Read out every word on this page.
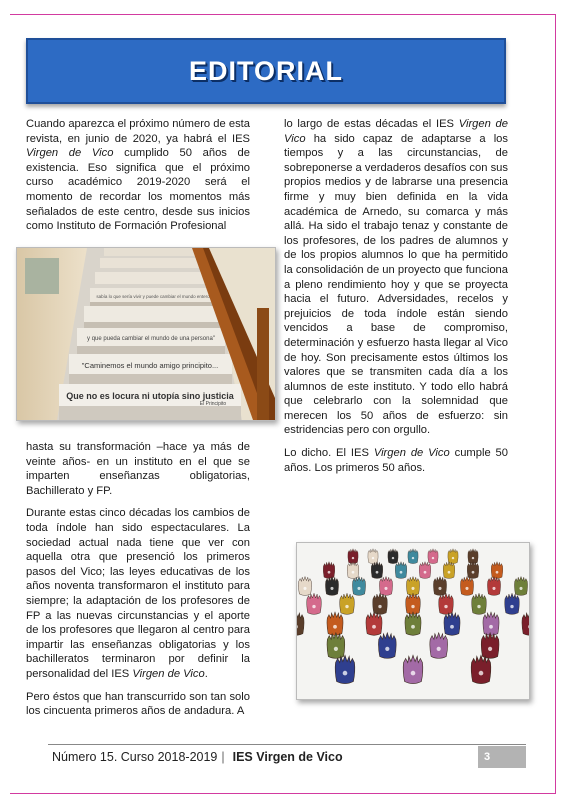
EDITORIAL

Cuando aparezca el próximo número de esta revista, en junio de 2020, ya habrá el IES Virgen de Vico cumplido 50 años de existencia. Eso significa que el próximo curso académico 2019-2020 será el momento de recordar los momentos más señalados de este centro, desde sus inicios como Instituto de Formación Profesional

Que no es locura ni utopía sino justicia
El Principito
"Caminemos el mundo amigo principito...
y que pueda cambiar el mundo de una persona"
sabía lo que sería vivir y puede cambiar el mundo entero

hasta su transformación –hace ya más de veinte años- en un instituto en el que se imparten enseñanzas obligatorias, Bachillerato y FP.

Durante estas cinco décadas los cambios de toda índole han sido espectaculares. La sociedad actual nada tiene que ver con aquella otra que presenció los primeros pasos del Vico; las leyes educativas de los años noventa transformaron el instituto para siempre; la adaptación de los profesores de FP a las nuevas circunstancias y el aporte de los profesores que llegaron al centro para impartir las enseñanzas obligatorias y los bachilleratos terminaron por definir la personalidad del IES Virgen de Vico.

Pero éstos que han transcurrido son tan solo los cincuenta primeros años de andadura. A

lo largo de estas décadas el IES Virgen de Vico ha sido capaz de adaptarse a los tiempos y a las circunstancias, de sobreponerse a verdaderos desafíos con sus propios medios y de labrarse una presencia firme y muy bien definida en la vida académica de Arnedo, su comarca y más allá. Ha sido el trabajo tenaz y constante de los profesores, de los padres de alumnos y de los propios alumnos lo que ha permitido la consolidación de un proyecto que funciona a pleno rendimiento hoy y que se proyecta hacia el futuro. Adversidades, recelos y prejuicios de toda índole están siendo vencidos a base de compromiso, determinación y esfuerzo hasta llegar al Vico de hoy. Son precisamente estos últimos los valores que se transmiten cada día a los alumnos de este instituto. Y todo ello habrá que celebrarlo con la solemnidad que merecen los 50 años de esfuerzo: sin estridencias pero con orgullo.

Lo dicho. El IES Virgen de Vico cumple 50 años. Los primeros 50 años.

Número 15. Curso 2018-2019 | IES Virgen de Vico	3
